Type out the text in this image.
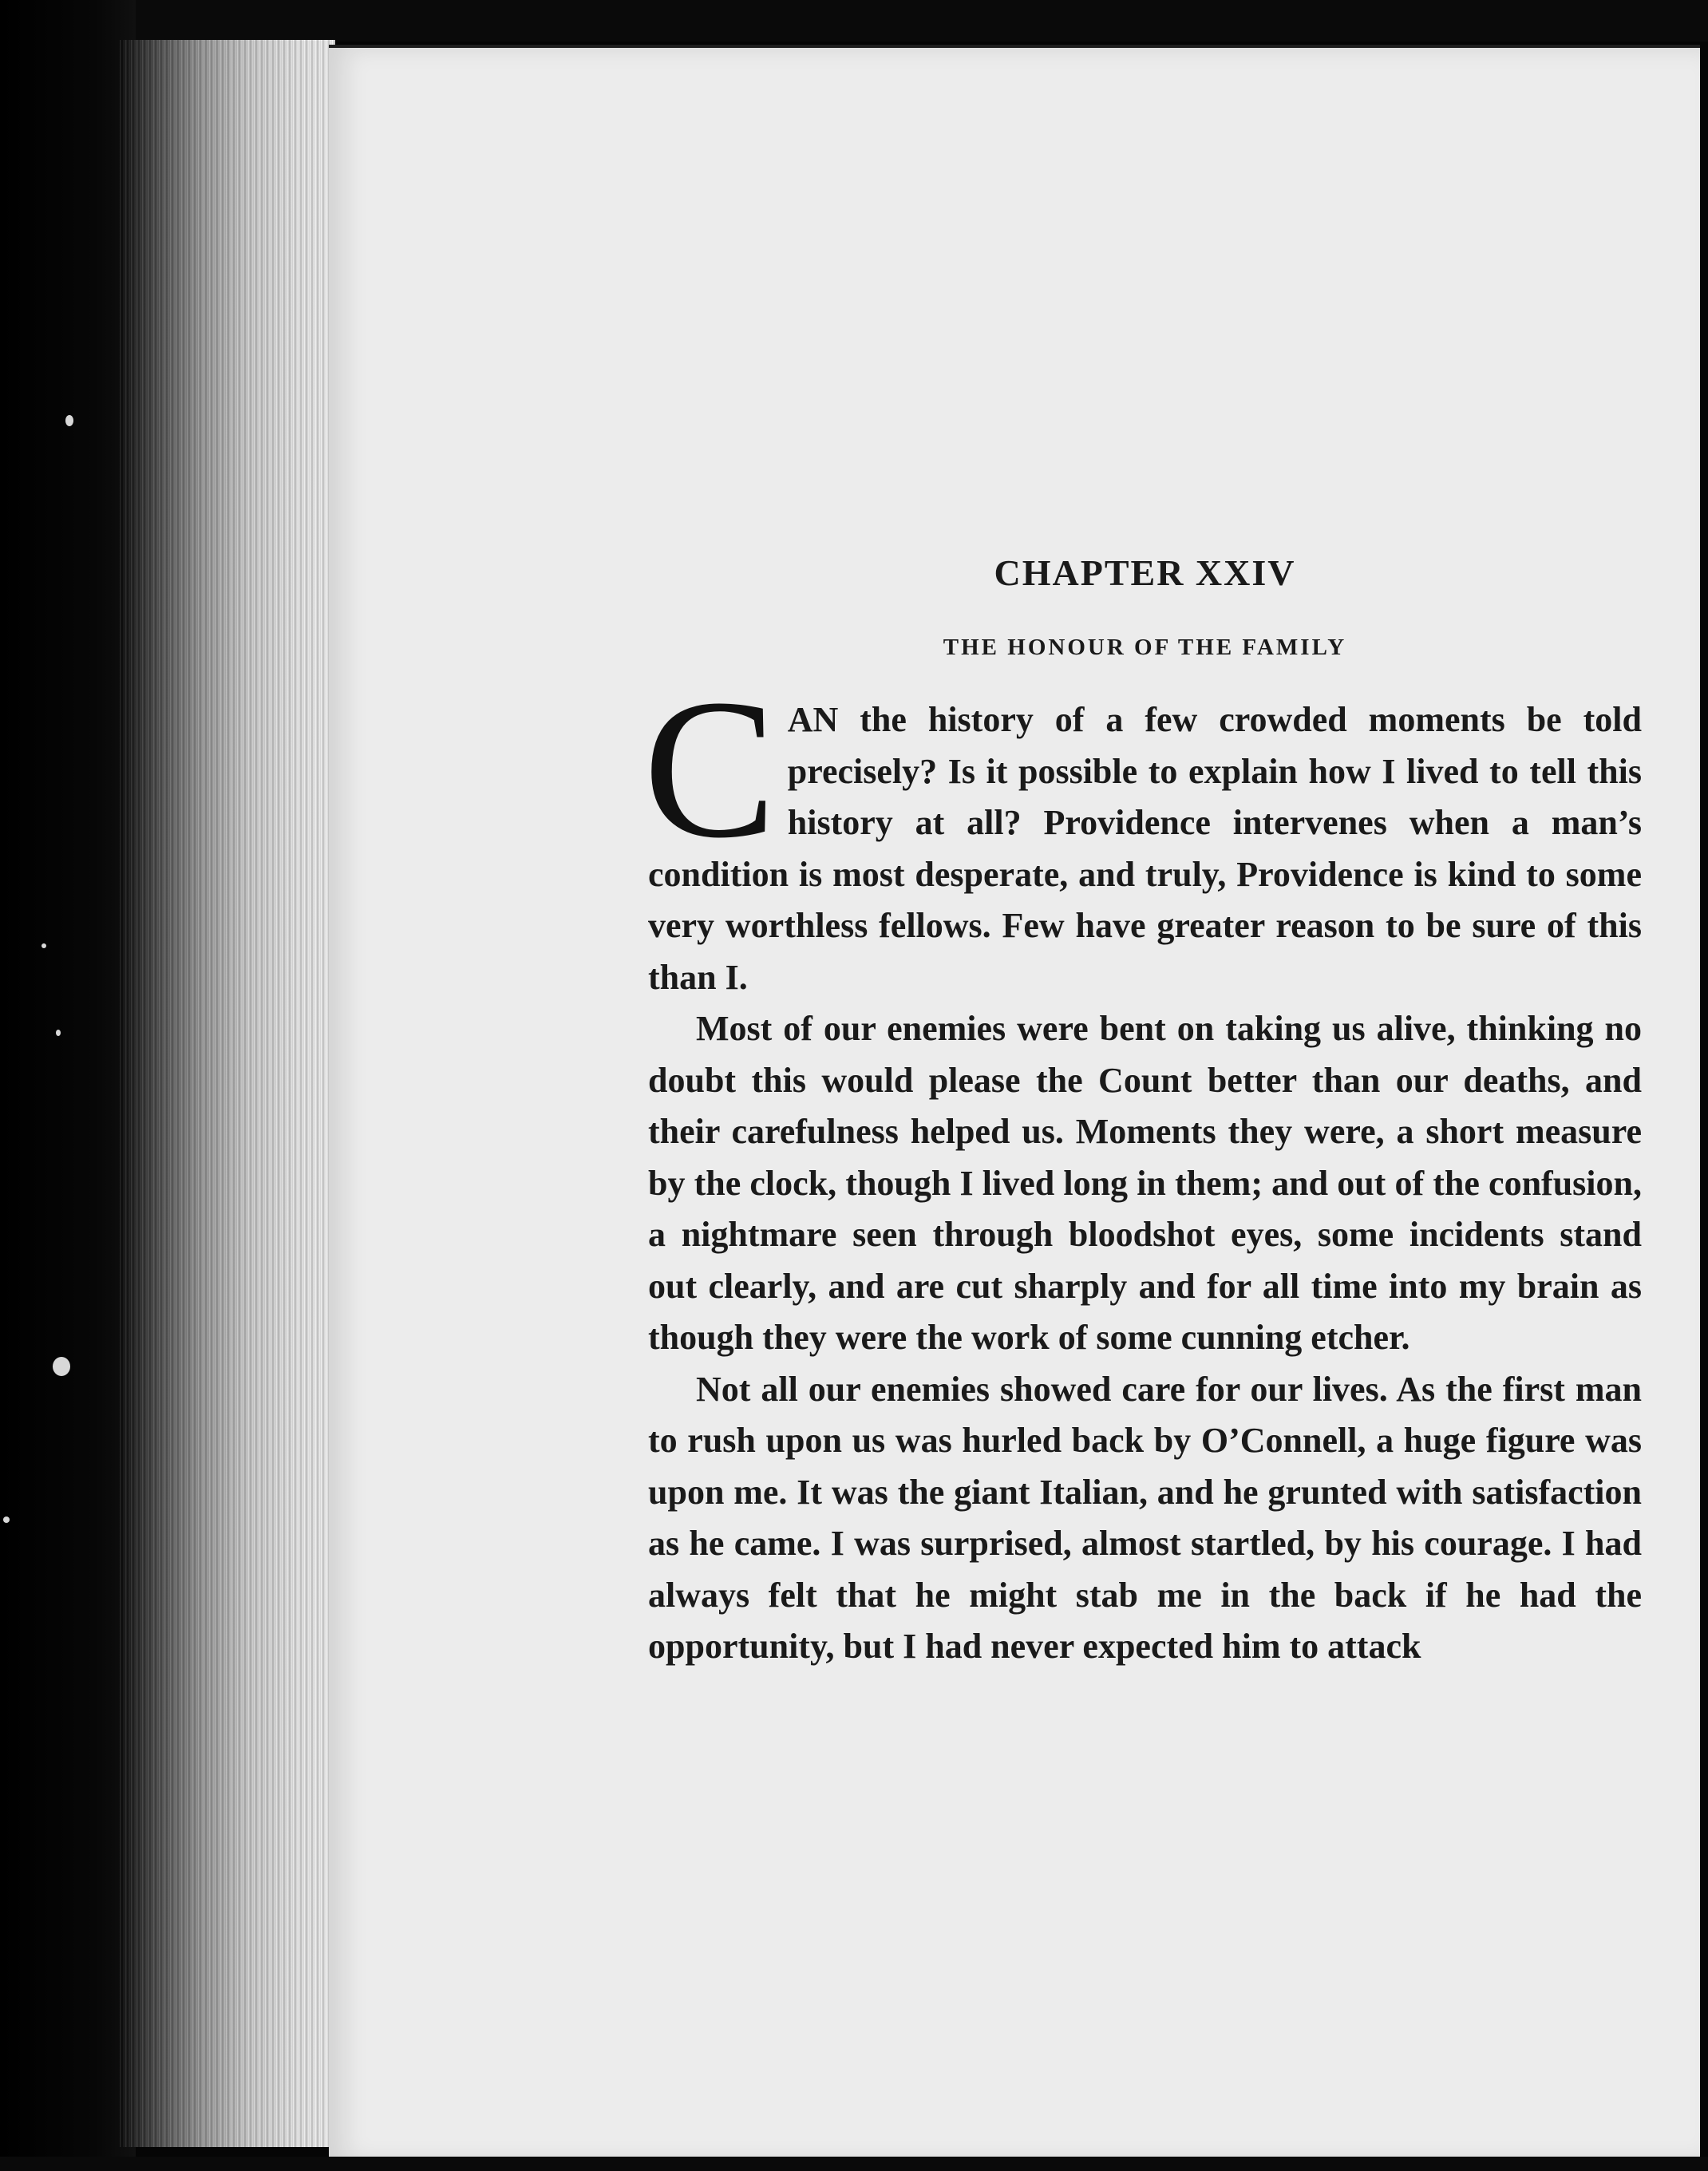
CHAPTER XXIV
THE HONOUR OF THE FAMILY

CAN the history of a few crowded moments be told precisely? Is it possible to explain how I lived to tell this history at all? Providence intervenes when a man’s condition is most desperate, and truly, Providence is kind to some very worthless fellows. Few have greater reason to be sure of this than I.

Most of our enemies were bent on taking us alive, thinking no doubt this would please the Count better than our deaths, and their carefulness helped us. Moments they were, a short measure by the clock, though I lived long in them; and out of the confusion, a nightmare seen through bloodshot eyes, some incidents stand out clearly, and are cut sharply and for all time into my brain as though they were the work of some cunning etcher.

Not all our enemies showed care for our lives. As the first man to rush upon us was hurled back by O’Connell, a huge figure was upon me. It was the giant Italian, and he grunted with satisfaction as he came. I was surprised, almost startled, by his courage. I had always felt that he might stab me in the back if he had the opportunity, but I had never expected him to attack
